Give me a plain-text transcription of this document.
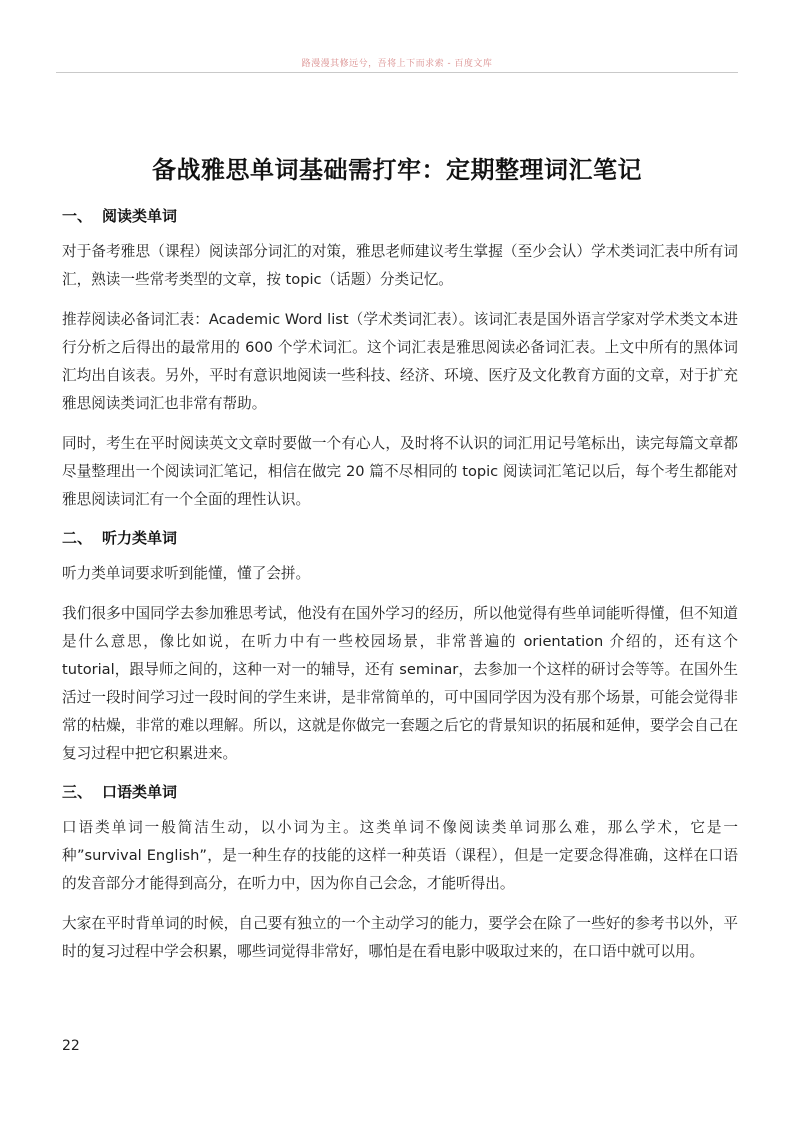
路漫漫其修远兮，吾将上下而求索 - 百度文库
备战雅思单词基础需打牢：定期整理词汇笔记
一、 阅读类单词

对于备考雅思（课程）阅读部分词汇的对策，雅思老师建议考生掌握（至少会认）学术类词汇表中所有词汇，熟读一些常考类型的文章，按 topic（话题）分类记忆。

推荐阅读必备词汇表：Academic Word list（学术类词汇表）。该词汇表是国外语言学家对学术类文本进行分析之后得出的最常用的 600 个学术词汇。这个词汇表是雅思阅读必备词汇表。上文中所有的黑体词汇均出自该表。另外，平时有意识地阅读一些科技、经济、环境、医疗及文化教育方面的文章，对于扩充雅思阅读类词汇也非常有帮助。

同时，考生在平时阅读英文文章时要做一个有心人，及时将不认识的词汇用记号笔标出，读完每篇文章都尽量整理出一个阅读词汇笔记，相信在做完 20 篇不尽相同的 topic 阅读词汇笔记以后，每个考生都能对雅思阅读词汇有一个全面的理性认识。

二、 听力类单词

听力类单词要求听到能懂，懂了会拼。

我们很多中国同学去参加雅思考试，他没有在国外学习的经历，所以他觉得有些单词能听得懂，但不知道是什么意思，像比如说，在听力中有一些校园场景，非常普遍的 orientation 介绍的，还有这个 tutorial，跟导师之间的，这种一对一的辅导，还有 seminar，去参加一个这样的研讨会等等。在国外生活过一段时间学习过一段时间的学生来讲，是非常简单的，可中国同学因为没有那个场景，可能会觉得非常的枯燥，非常的难以理解。所以，这就是你做完一套题之后它的背景知识的拓展和延伸，要学会自己在复习过程中把它积累进来。

三、 口语类单词

口语类单词一般简洁生动，以小词为主。这类单词不像阅读类单词那么难，那么学术，它是一种”survival English”，是一种生存的技能的这样一种英语（课程），但是一定要念得准确，这样在口语的发音部分才能得到高分，在听力中，因为你自己会念，才能听得出。

大家在平时背单词的时候，自己要有独立的一个主动学习的能力，要学会在除了一些好的参考书以外，平时的复习过程中学会积累，哪些词觉得非常好，哪怕是在看电影中吸取过来的，在口语中就可以用。

22
